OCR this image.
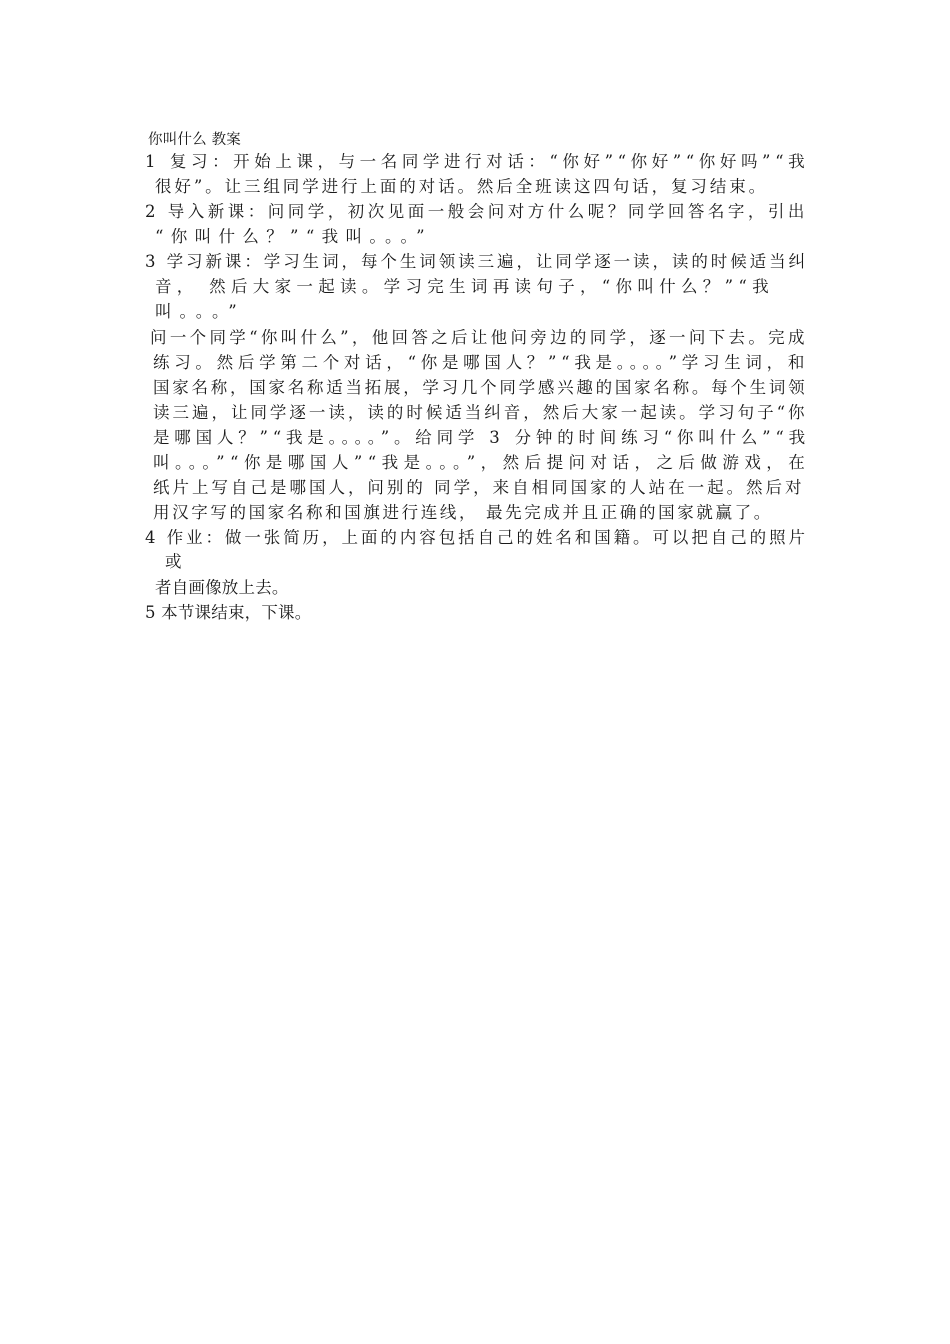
你叫什么 教案
1 复习：开始上课，与一名同学进行对话：“你好”“你好”“你好吗”“我
很好”。让三组同学进行上面的对话。然后全班读这四句话，复习结束。
2 导入新课：问同学，初次见面一般会问对方什么呢？同学回答名字，引出
“你叫什么？”“我叫。。。”
3 学习新课：学习生词，每个生词领读三遍，让同学逐一读，读的时候适当纠
音， 然后大家一起读。学习完生词再读句子，“你叫什么？”“我
叫。。。”
问一个同学“你叫什么”，他回答之后让他问旁边的同学，逐一问下去。完成
练习。然后学第二个对话，“你是哪国人？”“我是。。。。”学习生词，和
国家名称，国家名称适当拓展，学习几个同学感兴趣的国家名称。每个生词领
读三遍，让同学逐一读，读的时候适当纠音，然后大家一起读。学习句子“你
是哪国人？”“我是。。。。”。给同学 3 分钟的时间练习“你叫什么”“我
叫。。。”“你是哪国人”“我是。。。”，然后提问对话，之后做游戏，在
纸片上写自己是哪国人，问别的 同学，来自相同国家的人站在一起。然后对
用汉字写的国家名称和国旗进行连线， 最先完成并且正确的国家就赢了。
4 作业：做一张简历，上面的内容包括自己的姓名和国籍。可以把自己的照片
或
者自画像放上去。
5 本节课结束，下课。
